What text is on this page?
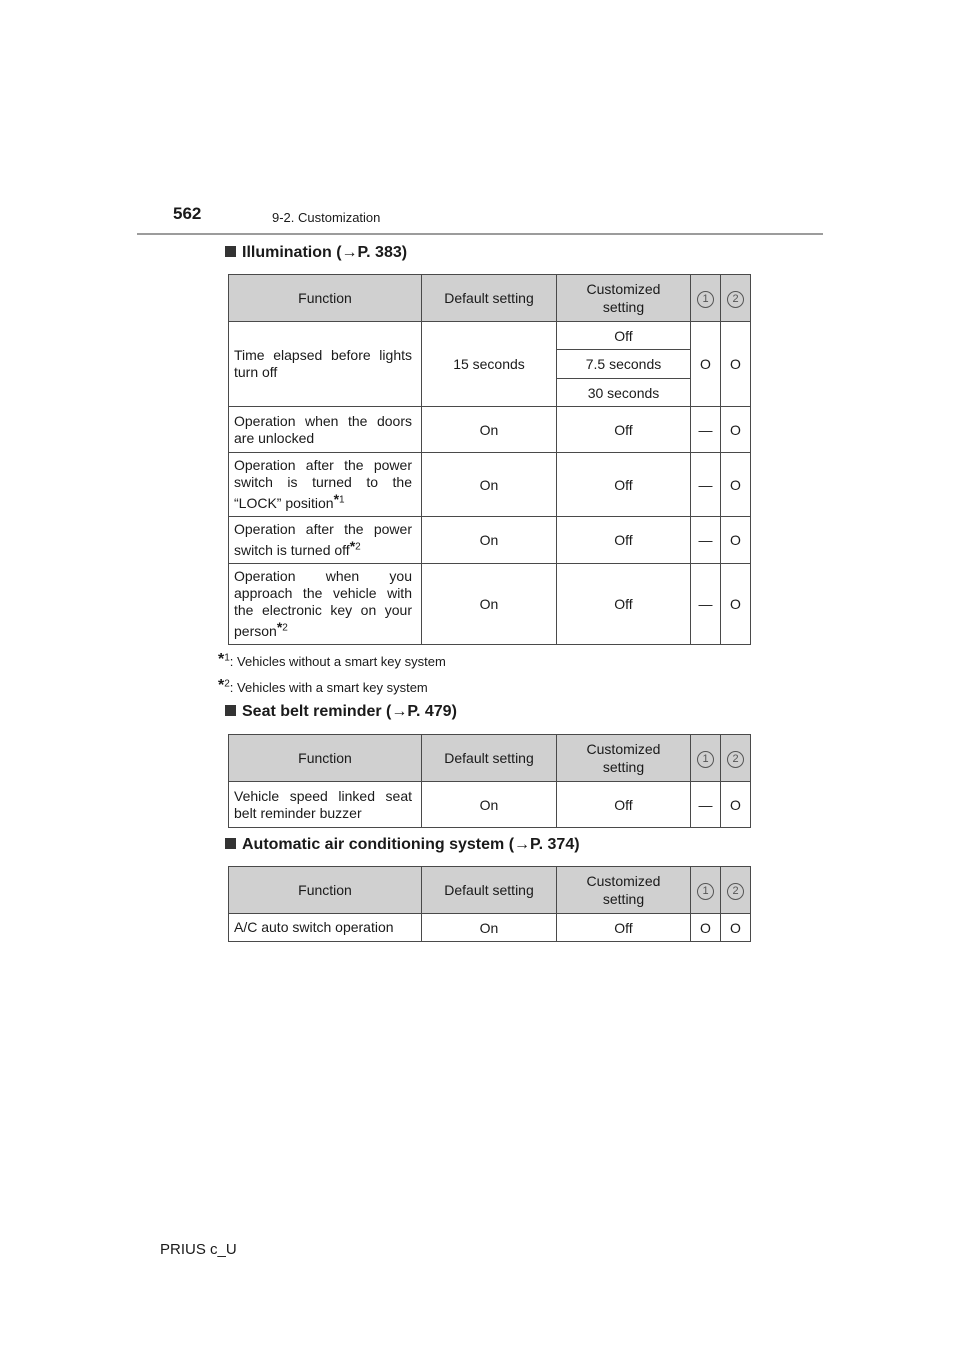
562	9-2. Customization
Illumination (→P. 383)
Function	Default setting	Customized setting	1	2
Time elapsed before lights turn off	15 seconds	Off	O	O
		7.5 seconds		
		30 seconds		
Operation when the doors are unlocked	On	Off	—	O
Operation after the power switch is turned to the “LOCK” position*$^1$	On	Off	—	O
Operation after the power switch is turned off*$^2$	On	Off	—	O
Operation when you approach the vehicle with the electronic key on your person*$^2$	On	Off	—	O
*$^1$: Vehicles without a smart key system
*$^2$: Vehicles with a smart key system
Seat belt reminder (→P. 479)
Function	Default setting	Customized setting	1	2
Vehicle speed linked seat belt reminder buzzer	On	Off	—	O
Automatic air conditioning system (→P. 374)
Function	Default setting	Customized setting	1	2
A/C auto switch operation	On	Off	O	O
PRIUS c_U
